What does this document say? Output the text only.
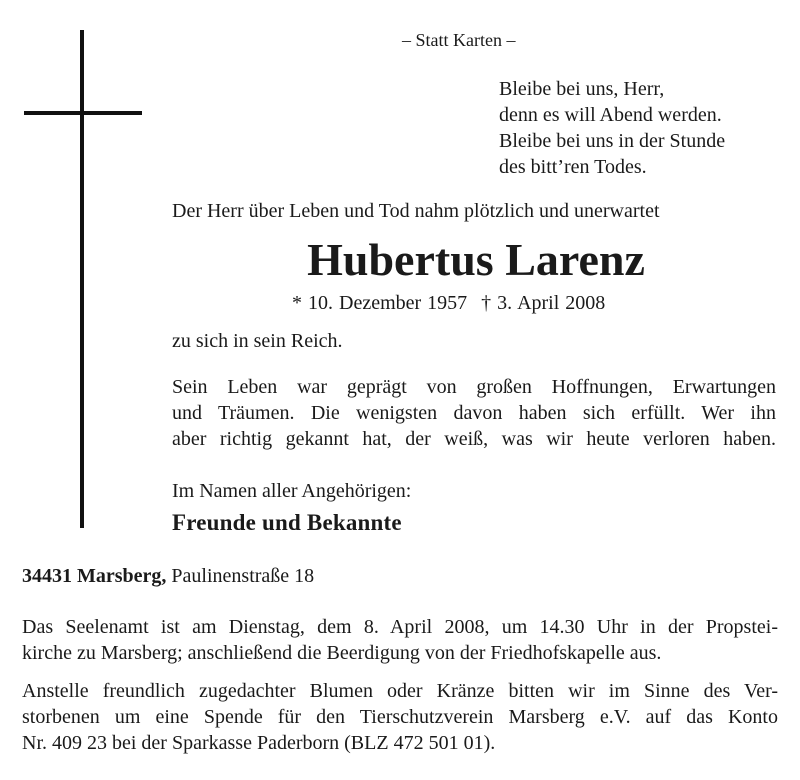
– Statt Karten –

Bleibe bei uns, Herr,
denn es will Abend werden.
Bleibe bei uns in der Stunde
des bitt’ren Todes.

Der Herr über Leben und Tod nahm plötzlich und unerwartet

Hubertus Larenz

* 10. Dezember 1957 † 3. April 2008

zu sich in sein Reich.

Sein Leben war geprägt von großen Hoffnungen, Erwartungen
und Träumen. Die wenigsten davon haben sich erfüllt. Wer ihn
aber richtig gekannt hat, der weiß, was wir heute verloren haben.

Im Namen aller Angehörigen:

Freunde und Bekannte

34431 Marsberg, Paulinenstraße 18

Das Seelenamt ist am Dienstag, dem 8. April 2008, um 14.30 Uhr in der Propstei-
kirche zu Marsberg; anschließend die Beerdigung von der Friedhofskapelle aus.
Anstelle freundlich zugedachter Blumen oder Kränze bitten wir im Sinne des Ver-
storbenen um eine Spende für den Tierschutzverein Marsberg e.V. auf das Konto
Nr. 409 23 bei der Sparkasse Paderborn (BLZ 472 501 01).
